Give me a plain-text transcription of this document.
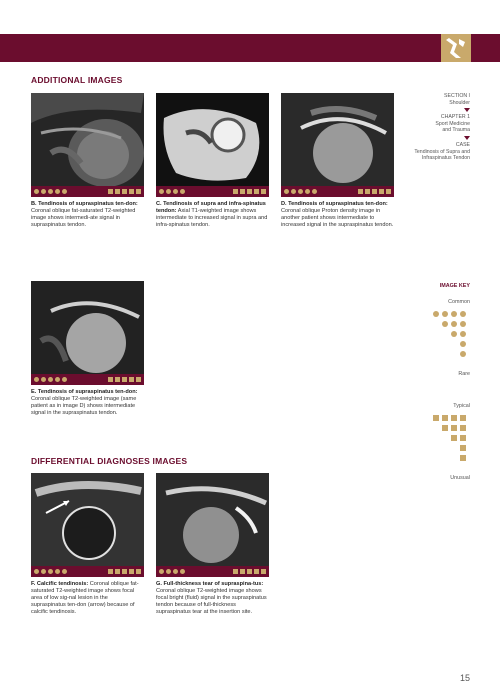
ADDITIONAL IMAGES
B. Tendinosis of supraspinatus ten-don: Coronal oblique fat-saturated T2-weighted image shows intermedi-ate signal in supraspinatus tendon.
C. Tendinosis of supra and infra-spinatus tendon: Axial T1-weighted image shows intermediate to increased signal in supra and infra-spinatus tendon.
D. Tendinosis of supraspinatus ten-don: Coronal oblique Proton density image in another patient shows intermediate to increased signal in the supraspinatus tendon.
E. Tendinosis of supraspinatus ten-don: Coronal oblique T2-weighted image (same patient as in image D) shows intermediate signal in the supraspinatus tendon.
DIFFERENTIAL DIAGNOSES IMAGES
F. Calcific tendinosis: Coronal oblique fat-saturated T2-weighted image shows focal area of low sig-nal lesion in the supraspinatus ten-don (arrow) because of calcific tendinosis.
G. Full-thickness tear of supraspina-tus: Coronal oblique T2-weighted image shows focal bright (fluid) signal in the supraspinatus tendon because of full-thickness supraspinatus tear at the insertion site.
SECTION I
Shoulder
CHAPTER 1
Sport Medicine and Trauma
CASE
Tendinosis of Supra and Infraspinatus Tendon
IMAGE KEY
Common
Rare
Typical
Unusual
15
